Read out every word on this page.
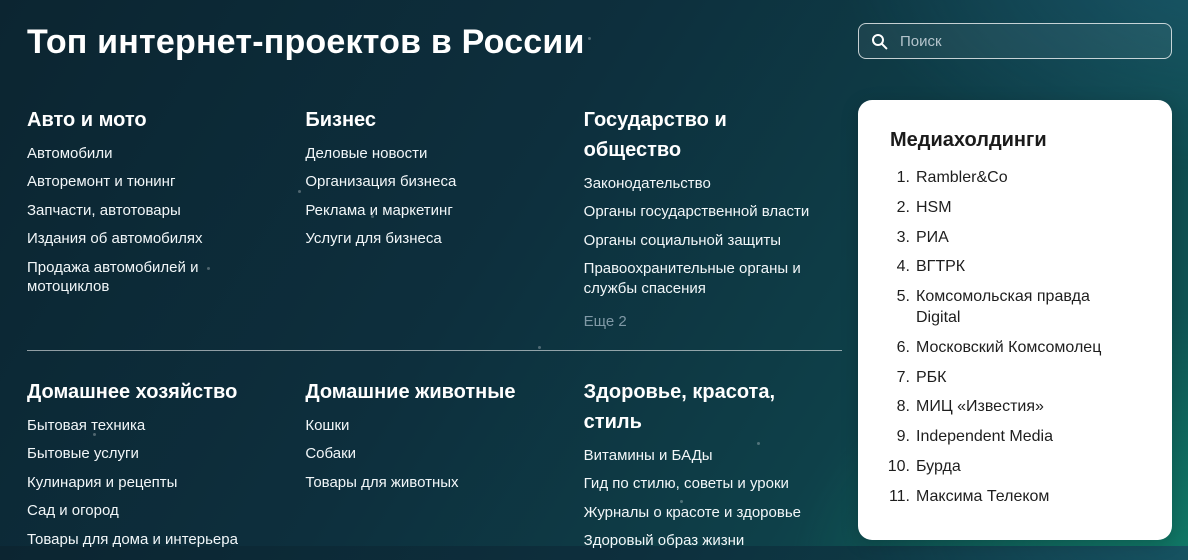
Топ интернет-проектов в России
Авто и мото
Автомобили
Авторемонт и тюнинг
Запчасти, автотовары
Издания об автомобилях
Продажа автомобилей и мотоциклов
Бизнес
Деловые новости
Организация бизнеса
Реклама и маркетинг
Услуги для бизнеса
Государство и общество
Законодательство
Органы государственной власти
Органы социальной защиты
Правоохранительные органы и службы спасения
Еще 2
Домашнее хозяйство
Бытовая техника
Бытовые услуги
Кулинария и рецепты
Сад и огород
Товары для дома и интерьера
Домашние животные
Кошки
Собаки
Товары для животных
Здоровье, красота, стиль
Витамины и БАДы
Гид по стилю, советы и уроки
Журналы о красоте и здоровье
Здоровый образ жизни
Поиск
Медиахолдинги
1. Rambler&Co
2. HSM
3. РИА
4. ВГТРК
5. Комсомольская правда Digital
6. Московский Комсомолец
7. РБК
8. МИЦ «Известия»
9. Independent Media
10. Бурда
11. Максима Телеком
